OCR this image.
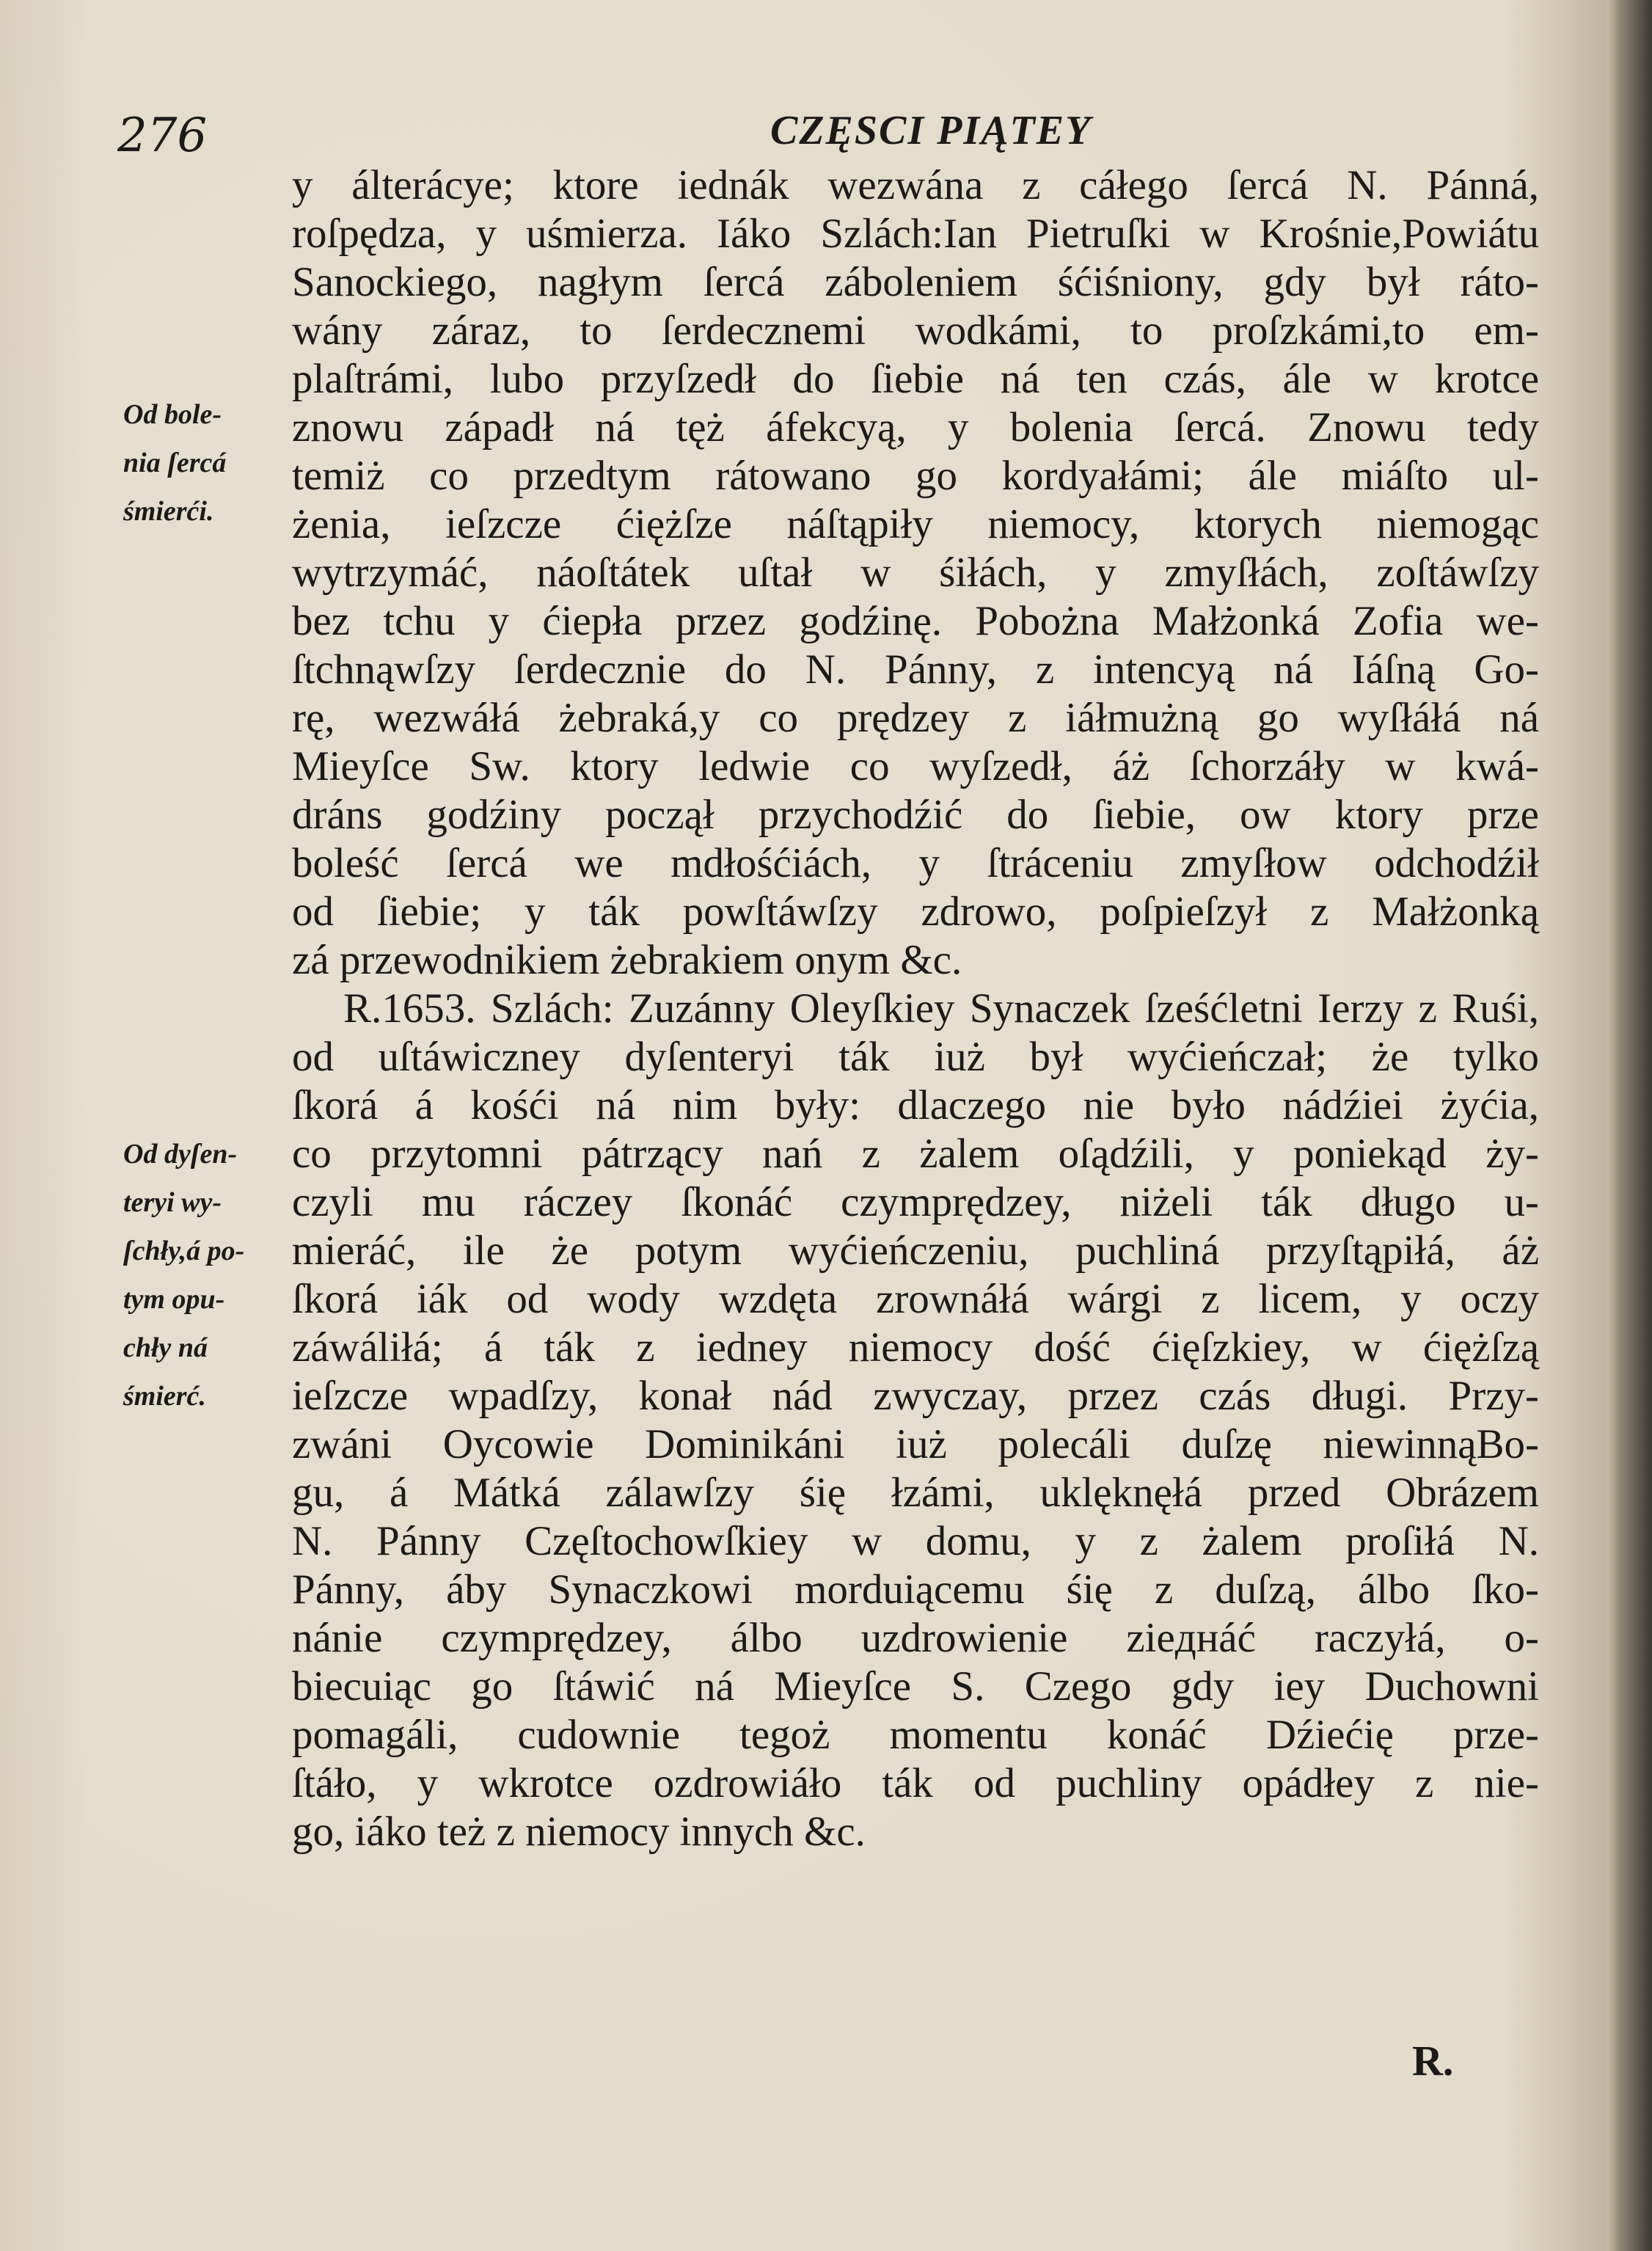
276	CZĘSCI PIĄTEY
Od bole-
nia ſercá
śmierći.
Od dyſen-
teryi wy-
ſchły,á po-
tym opu-
chły ná
śmierć.
y álterácye; ktore iednák wezwána z cáłego ſercá N. Pánná,
roſpędza, y uśmierza. Iáko Szlách:Ian Pietruſki w Krośnie,Powiátu
Sanockiego, nagłym ſercá záboleniem śćiśniony, gdy był ráto-
wány záraz, to ſerdecznemi wodkámi, to proſzkámi,to em-
plaſtrámi, lubo przyſzedł do ſiebie ná ten czás, ále w krotce
znowu západł ná tęż áfekcyą, y bolenia ſercá. Znowu tedy
temiż co przedtym rátowano go kordyałámi; ále miáſto ul-
żenia, ieſzcze ćiężſze náſtąpiły niemocy, ktorych niemogąc
wytrzymáć, náoſtátek uſtał w śiłách, y zmyſłách, zoſtáwſzy
bez tchu y ćiepła przez godźinę. Pobożna Małżonká Zofia we-
ſtchnąwſzy ſerdecznie do N. Pánny, z intencyą ná Iáſną Go-
rę, wezwáłá żebraká,y co prędzey z iáłmużną go wyſłáłá ná
Mieyſce Sw. ktory ledwie co wyſzedł, áż ſchorzáły w kwá-
dráns godźiny począł przychodźić do ſiebie, ow ktory prze
boleść ſercá we mdłośćiách, y ſtráceniu zmyſłow odchodźił
od ſiebie; y ták powſtáwſzy zdrowo, poſpieſzył z Małżonką
zá przewodnikiem żebrakiem onym &c.
R.1653. Szlách: Zuzánny Oleyſkiey Synaczek ſześćletni Ierzy z Ruśi,
od uſtáwiczney dyſenteryi ták iuż był wyćieńczał; że tylko
ſkorá á kośći ná nim były: dlaczego nie było nádźiei żyćia,
co przytomni pátrzący nań z żalem oſądźili, y poniekąd ży-
czyli mu ráczey ſkonáć czymprędzey, niżeli ták długo u-
mieráć, ile że potym wyćieńczeniu, puchliná przyſtąpiłá, áż
ſkorá iák od wody wzdęta zrownáłá wárgi z licem, y oczy
záwáliłá; á ták z iedney niemocy dość ćięſzkiey, w ćiężſzą
ieſzcze wpadſzy, konał nád zwyczay, przez czás długi. Przy-
zwáni Oycowie Dominikáni iuż polecáli duſzę niewinnąBo-
gu, á Mátká zálawſzy śię łzámi, uklęknęłá przed Obrázem
N. Pánny Częſtochowſkiey w domu, y z żalem proſiłá N.
Pánny, áby Synaczkowi morduiącemu śię z duſzą, álbo ſko-
nánie czymprędzey, álbo uzdrowienie zieднáć raczyłá, o-
biecuiąc go ſtáwić ná Mieyſce S. Czego gdy iey Duchowni
pomagáli, cudownie tegoż momentu konáć Dźiećię prze-
ſtáło, y wkrotce ozdrowiáło ták od puchliny opádłey z nie-
go, iáko też z niemocy innych &c.
R.
